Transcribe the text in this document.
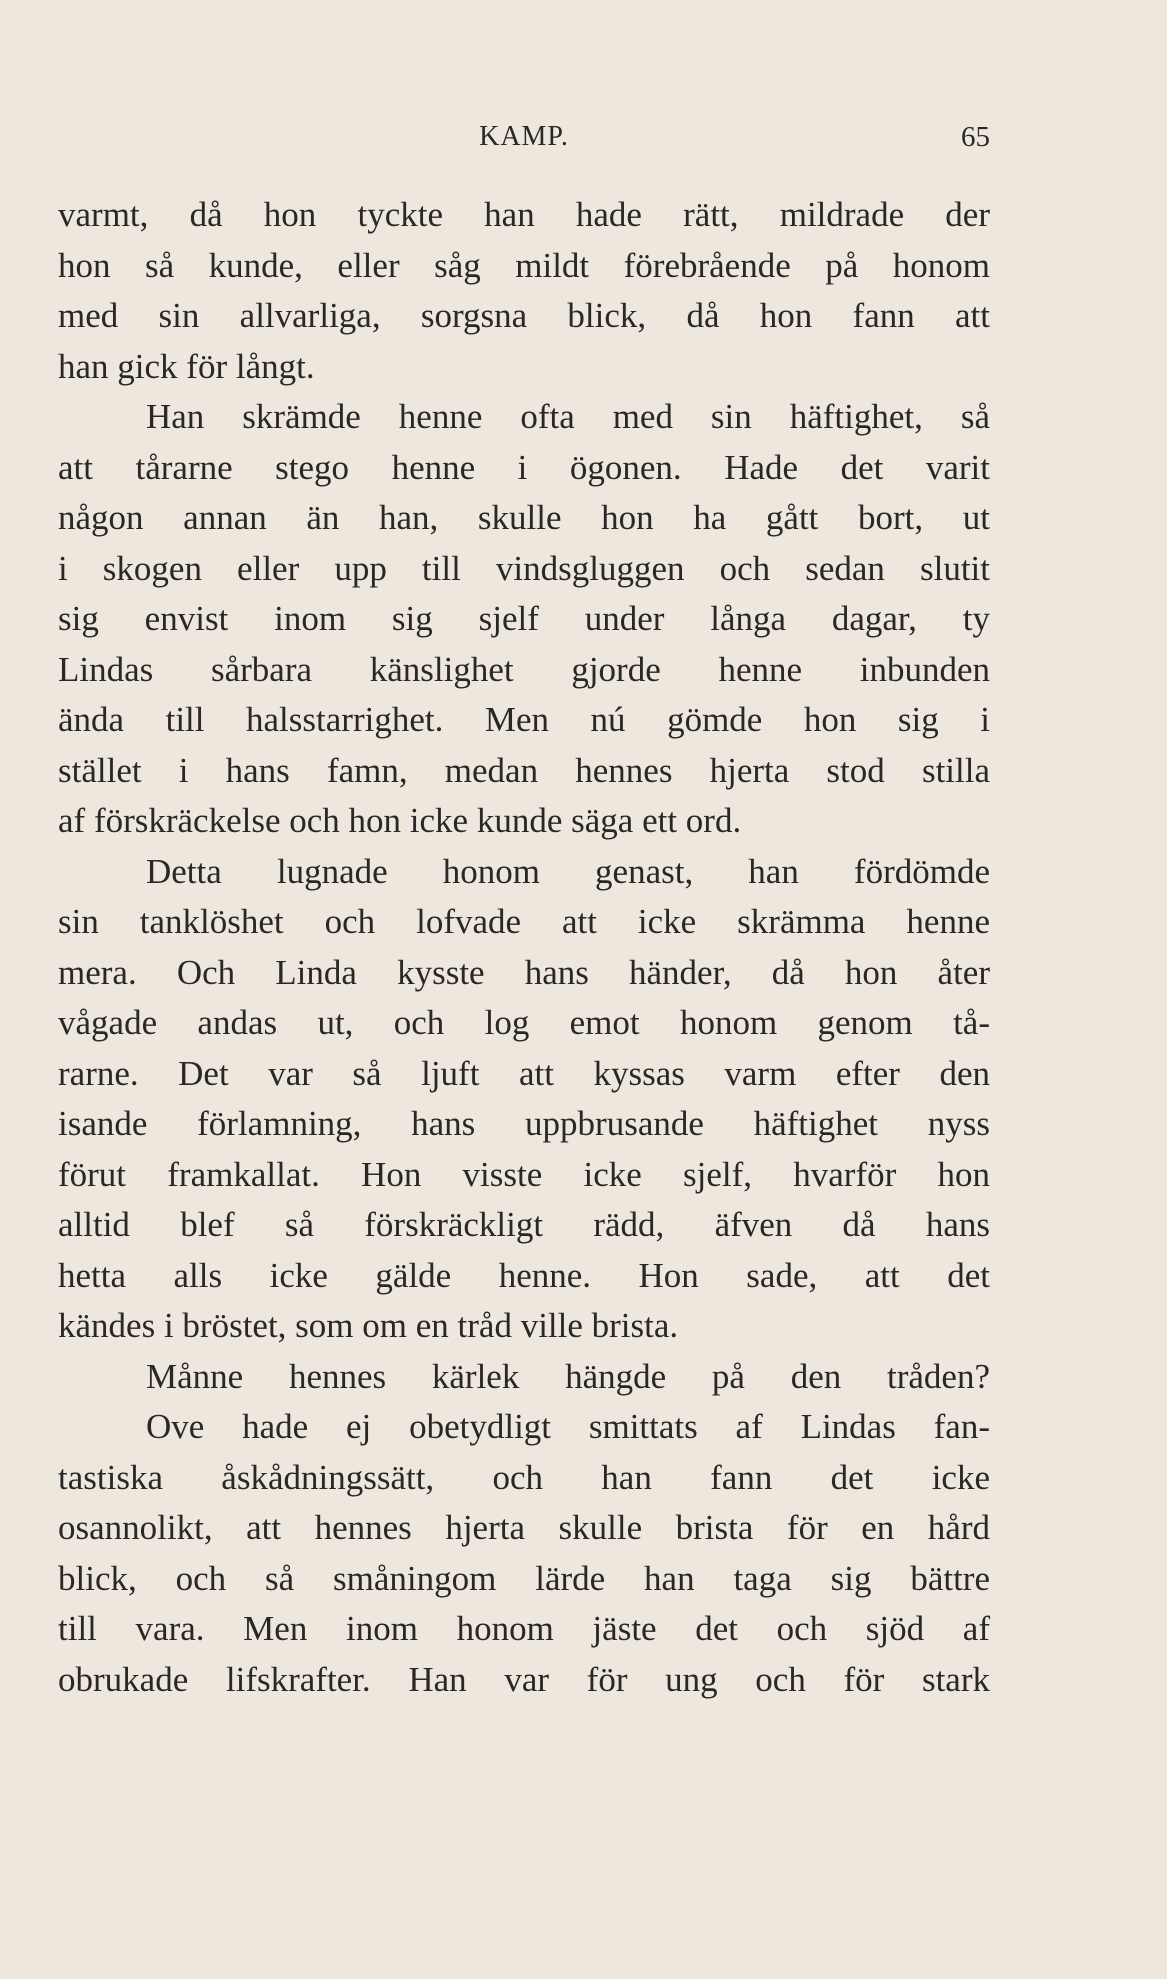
KAMP.	65
varmt, då hon tyckte han hade rätt, mildrade der
hon så kunde, eller såg mildt förebrående på honom
med sin allvarliga, sorgsna blick, då hon fann att
han gick för långt.
Han skrämde henne ofta med sin häftighet, så
att tårarne stego henne i ögonen. Hade det varit
någon annan än han, skulle hon ha gått bort, ut
i skogen eller upp till vindsgluggen och sedan slutit
sig envist inom sig sjelf under långa dagar, ty
Lindas sårbara känslighet gjorde henne inbunden
ända till halsstarrighet. Men nú gömde hon sig i
stället i hans famn, medan hennes hjerta stod stilla
af förskräckelse och hon icke kunde säga ett ord.
Detta lugnade honom genast, han fördömde
sin tanklöshet och lofvade att icke skrämma henne
mera. Och Linda kysste hans händer, då hon åter
vågade andas ut, och log emot honom genom tå-
rarne. Det var så ljuft att kyssas varm efter den
isande förlamning, hans uppbrusande häftighet nyss
förut framkallat. Hon visste icke sjelf, hvarför hon
alltid blef så förskräckligt rädd, äfven då hans
hetta alls icke gälde henne. Hon sade, att det
kändes i bröstet, som om en tråd ville brista.
Månne hennes kärlek hängde på den tråden?
Ove hade ej obetydligt smittats af Lindas fan-
tastiska åskådningssätt, och han fann det icke
osannolikt, att hennes hjerta skulle brista för en hård
blick, och så småningom lärde han taga sig bättre
till vara. Men inom honom jäste det och sjöd af
obrukade lifskrafter. Han var för ung och för stark
